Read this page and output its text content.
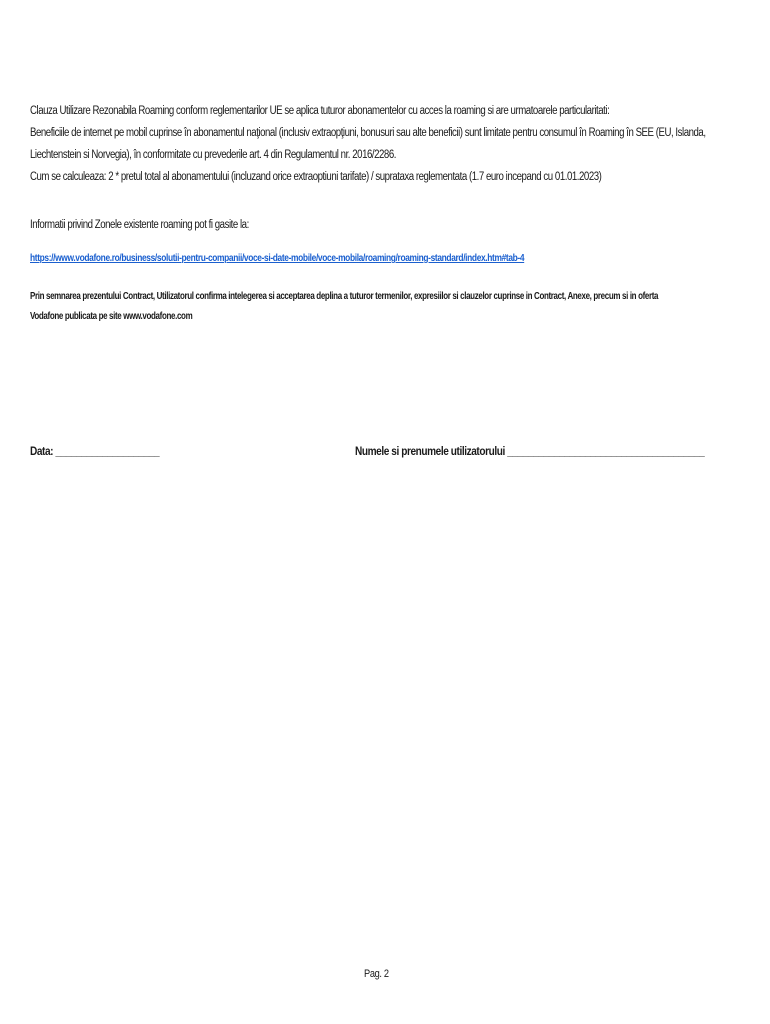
Clauza Utilizare Rezonabila Roaming conform reglementarilor UE se aplica tuturor abonamentelor cu acces la roaming si are urmatoarele particularitati:
Beneficiile de internet pe mobil cuprinse în abonamentul naţional (inclusiv extraopţiuni, bonusuri sau alte beneficii) sunt limitate pentru consumul în Roaming în SEE (EU, Islanda,
Liechtenstein si Norvegia), în conformitate cu prevederile art. 4 din Regulamentul nr. 2016/2286.
Cum se calculeaza: 2 * pretul total al abonamentului (incluzand orice extraoptiuni tarifate) / suprataxa reglementata (1.7 euro incepand cu 01.01.2023)
Informatii privind Zonele existente roaming pot fi gasite la:
https://www.vodafone.ro/business/solutii-pentru-companii/voce-si-date-mobile/voce-mobila/roaming/roaming-standard/index.htm#tab-4
Prin semnarea prezentului Contract, Utilizatorul confirma intelegerea si acceptarea deplina a tuturor termenilor, expresiilor si clauzelor cuprinse in Contract, Anexe, precum si in oferta
Vodafone publicata pe site www.vodafone.com
Data: ____________________	Numele si prenumele utilizatorului ______________________________________
Pag. 2
